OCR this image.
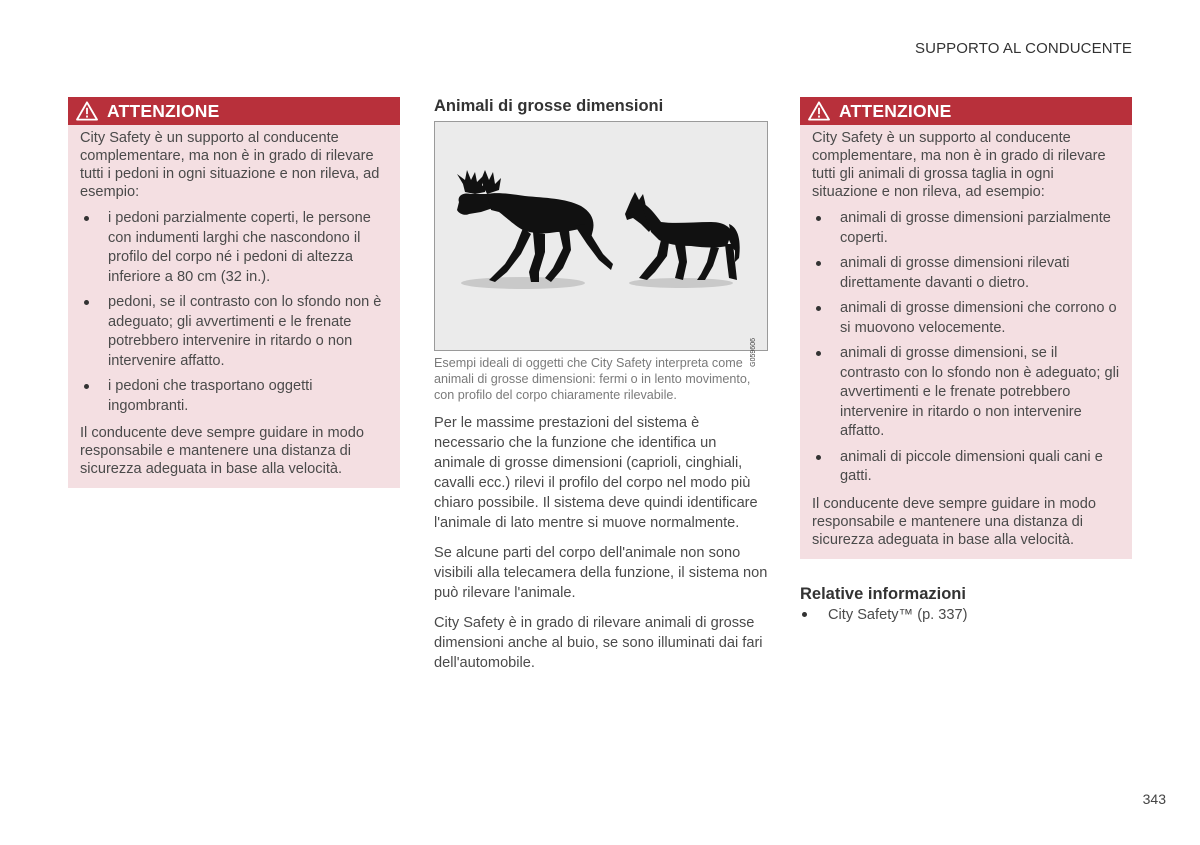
SUPPORTO AL CONDUCENTE
ATTENZIONE

City Safety è un supporto al conducente complementare, ma non è in grado di rilevare tutti i pedoni in ogni situazione e non rileva, ad esempio:

i pedoni parzialmente coperti, le persone con indumenti larghi che nascondono il profilo del corpo né i pedoni di altezza inferiore a 80 cm (32 in.).
pedoni, se il contrasto con lo sfondo non è adeguato; gli avvertimenti e le frenate potrebbero intervenire in ritardo o non intervenire affatto.
i pedoni che trasportano oggetti ingombranti.

Il conducente deve sempre guidare in modo responsabile e mantenere una distanza di sicurezza adeguata in base alla velocità.

Animali di grosse dimensioni
G059606

Esempi ideali di oggetti che City Safety interpreta come animali di grosse dimensioni: fermi o in lento movimento, con profilo del corpo chiaramente rilevabile.

Per le massime prestazioni del sistema è necessario che la funzione che identifica un animale di grosse dimensioni (caprioli, cinghiali, cavalli ecc.) rilevi il profilo del corpo nel modo più chiaro possibile. Il sistema deve quindi identificare l'animale di lato mentre si muove normalmente.

Se alcune parti del corpo dell'animale non sono visibili alla telecamera della funzione, il sistema non può rilevare l'animale.

City Safety è in grado di rilevare animali di grosse dimensioni anche al buio, se sono illuminati dai fari dell'automobile.

ATTENZIONE

City Safety è un supporto al conducente complementare, ma non è in grado di rilevare tutti gli animali di grossa taglia in ogni situazione e non rileva, ad esempio:

animali di grosse dimensioni parzialmente coperti.
animali di grosse dimensioni rilevati direttamente davanti o dietro.
animali di grosse dimensioni che corrono o si muovono velocemente.
animali di grosse dimensioni, se il contrasto con lo sfondo non è adeguato; gli avvertimenti e le frenate potrebbero intervenire in ritardo o non intervenire affatto.
animali di piccole dimensioni quali cani e gatti.

Il conducente deve sempre guidare in modo responsabile e mantenere una distanza di sicurezza adeguata in base alla velocità.

Relative informazioni
City Safety™ (p. 337)
343
